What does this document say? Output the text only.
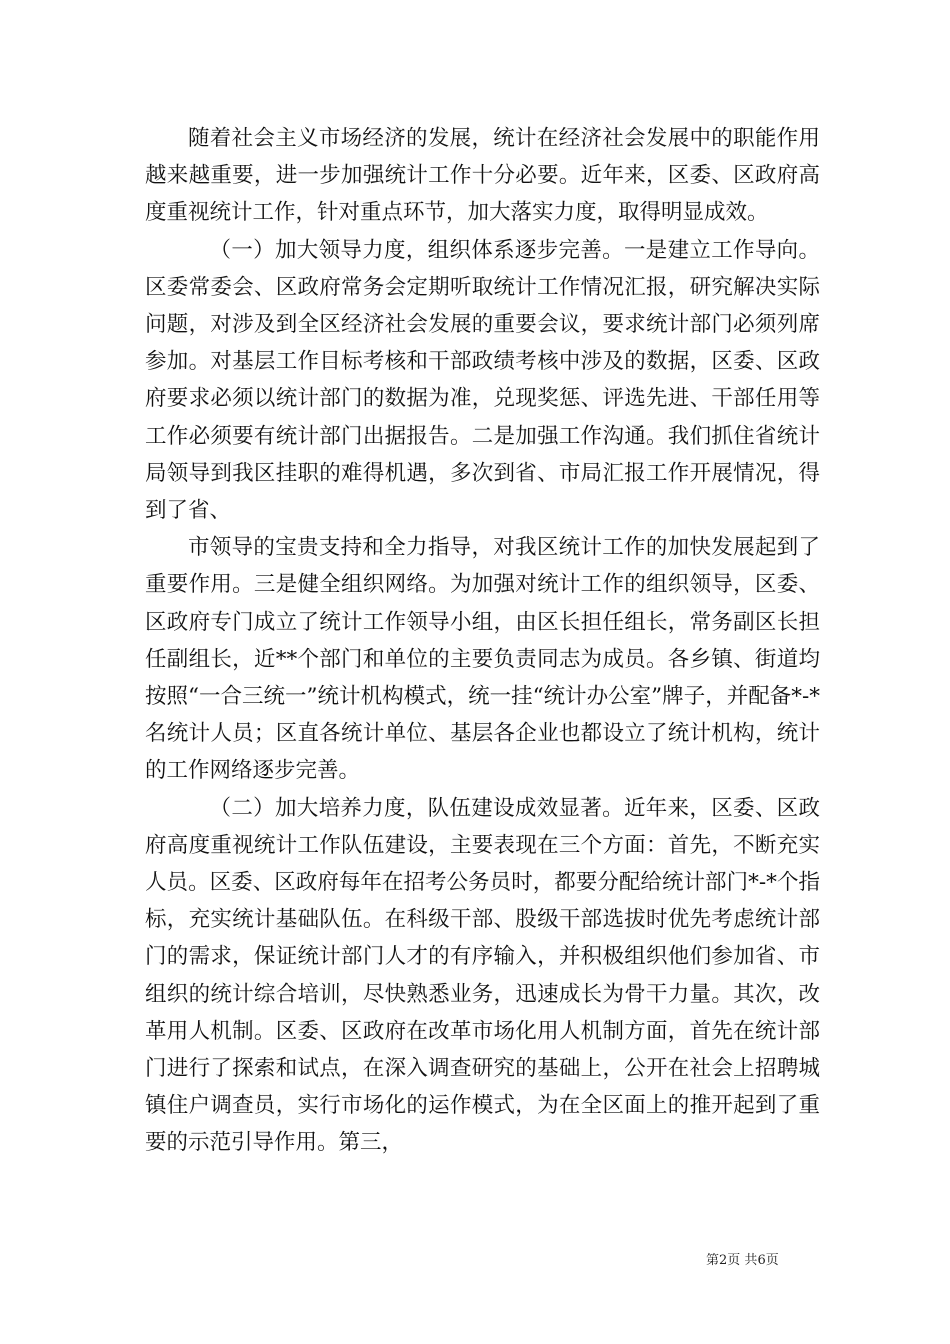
随着社会主义市场经济的发展，统计在经济社会发展中的职能作用越来越重要，进一步加强统计工作十分必要。近年来，区委、区政府高度重视统计工作，针对重点环节，加大落实力度，取得明显成效。

（一）加大领导力度，组织体系逐步完善。一是建立工作导向。区委常委会、区政府常务会定期听取统计工作情况汇报，研究解决实际问题，对涉及到全区经济社会发展的重要会议，要求统计部门必须列席参加。对基层工作目标考核和干部政绩考核中涉及的数据，区委、区政府要求必须以统计部门的数据为准，兑现奖惩、评选先进、干部任用等工作必须要有统计部门出据报告。二是加强工作沟通。我们抓住省统计局领导到我区挂职的难得机遇，多次到省、市局汇报工作开展情况，得到了省、

市领导的宝贵支持和全力指导，对我区统计工作的加快发展起到了重要作用。三是健全组织网络。为加强对统计工作的组织领导，区委、区政府专门成立了统计工作领导小组，由区长担任组长，常务副区长担任副组长，近**个部门和单位的主要负责同志为成员。各乡镇、街道均按照“一合三统一”统计机构模式，统一挂“统计办公室”牌子，并配备*-*名统计人员；区直各统计单位、基层各企业也都设立了统计机构，统计的工作网络逐步完善。

（二）加大培养力度，队伍建设成效显著。近年来，区委、区政府高度重视统计工作队伍建设，主要表现在三个方面：首先，不断充实人员。区委、区政府每年在招考公务员时，都要分配给统计部门*-*个指标，充实统计基础队伍。在科级干部、股级干部选拔时优先考虑统计部门的需求，保证统计部门人才的有序输入，并积极组织他们参加省、市组织的统计综合培训，尽快熟悉业务，迅速成长为骨干力量。其次，改革用人机制。区委、区政府在改革市场化用人机制方面，首先在统计部门进行了探索和试点，在深入调查研究的基础上，公开在社会上招聘城镇住户调查员，实行市场化的运作模式，为在全区面上的推开起到了重要的示范引导作用。第三，

第2页 共6页
